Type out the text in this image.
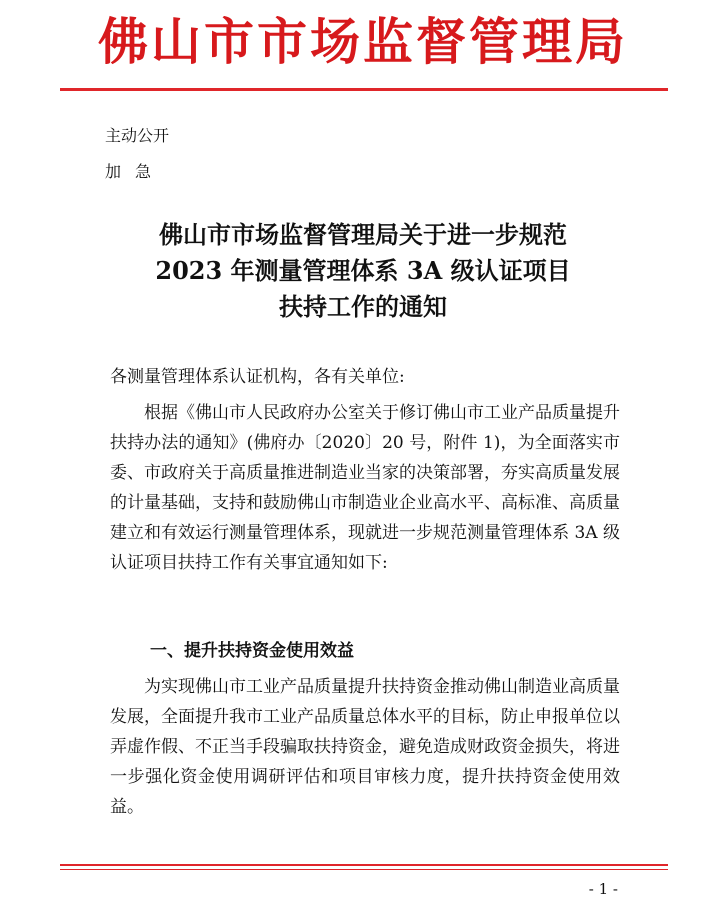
佛山市市场监督管理局
主动公开
加急
佛山市市场监督管理局关于进一步规范
2023 年测量管理体系 3A 级认证项目
扶持工作的通知
各测量管理体系认证机构，各有关单位:

根据《佛山市人民政府办公室关于修订佛山市工业产品质量提升扶持办法的通知》(佛府办〔2020〕20 号，附件 1)，为全面落实市委、市政府关于高质量推进制造业当家的决策部署，夯实高质量发展的计量基础，支持和鼓励佛山市制造业企业高水平、高标准、高质量建立和有效运行测量管理体系，现就进一步规范测量管理体系 3A 级认证项目扶持工作有关事宜通知如下:

一、提升扶持资金使用效益

为实现佛山市工业产品质量提升扶持资金推动佛山制造业高质量发展，全面提升我市工业产品质量总体水平的目标，防止申报单位以弄虚作假、不正当手段骗取扶持资金，避免造成财政资金损失，将进一步强化资金使用调研评估和项目审核力度，提升扶持资金使用效益。

- 1 -
